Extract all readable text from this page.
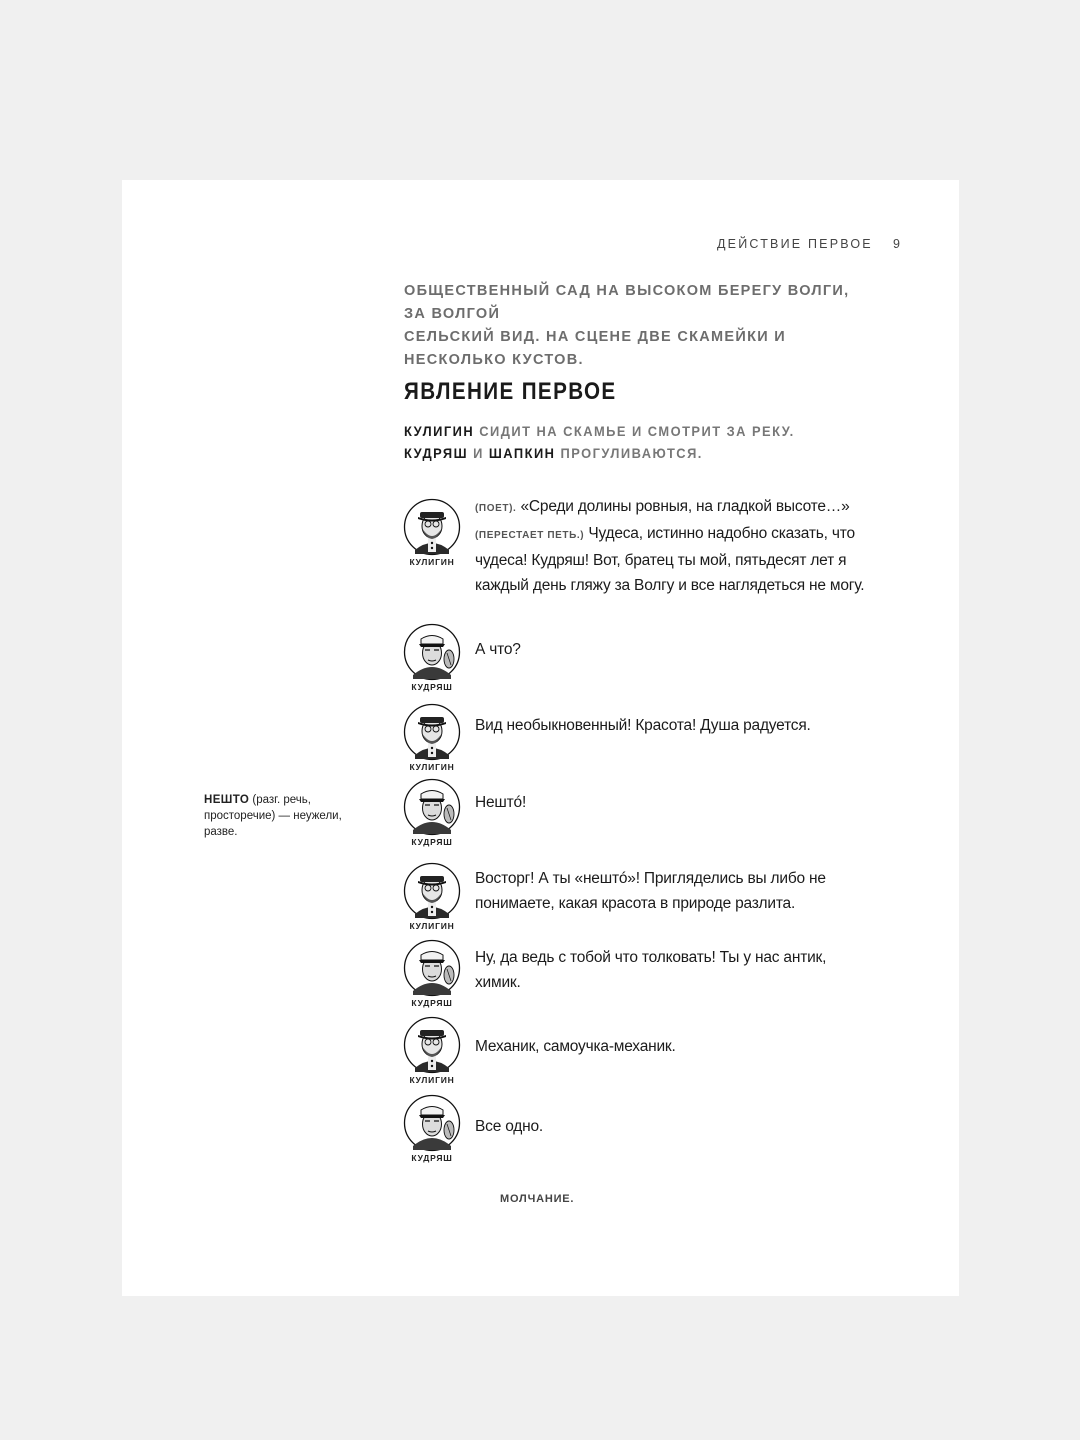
ДЕЙСТВИЕ ПЕРВОЕ 9
ОБЩЕСТВЕННЫЙ САД НА ВЫСОКОМ БЕРЕГУ ВОЛГИ, ЗА ВОЛГОЙ
СЕЛЬСКИЙ ВИД. НА СЦЕНЕ ДВЕ СКАМЕЙКИ И НЕСКОЛЬКО КУСТОВ.
ЯВЛЕНИЕ ПЕРВОЕ
КУЛИГИН СИДИТ НА СКАМЬЕ И СМОТРИТ ЗА РЕКУ.
КУДРЯШ И ШАПКИН ПРОГУЛИВАЮТСЯ.
КУЛИГИН
(ПОЕТ). «Среди долины ровныя, на гладкой высоте…» (ПЕРЕСТАЕТ ПЕТЬ.) Чудеса, истинно надобно сказать, что чудеса! Кудряш! Вот, братец ты мой, пятьдесят лет я каждый день гляжу за Волгу и все наглядеться не могу.
КУДРЯШ
А что?
КУЛИГИН
Вид необыкновенный! Красота! Душа радуется.
КУДРЯШ
Нештó!
КУЛИГИН
Восторг! А ты «нештó»! Пригляделись вы либо не понимаете, какая красота в природе разлита.
КУДРЯШ
Ну, да ведь с тобой что толковать! Ты у нас антик, химик.
КУЛИГИН
Механик, самоучка-механик.
КУДРЯШ
Все одно.
НЕШТО (разг. речь, просторечие) — неужели, разве.
МОЛЧАНИЕ.
